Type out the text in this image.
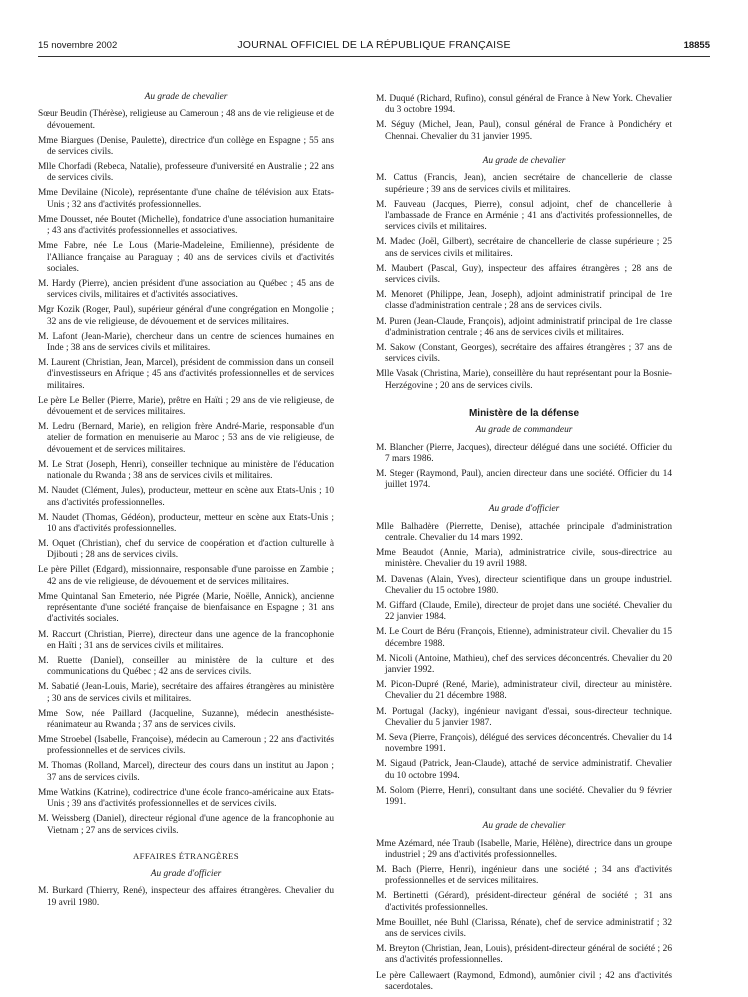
15 novembre 2002	JOURNAL OFFICIEL DE LA RÉPUBLIQUE FRANÇAISE	18855
Au grade de chevalier

Sœur Beudin (Thérèse), religieuse au Cameroun ; 48 ans de vie religieuse et de dévouement.

Mme Biargues (Denise, Paulette), directrice d'un collège en Espagne ; 55 ans de services civils.

Mlle Chorfadi (Rebeca, Natalie), professeure d'université en Australie ; 22 ans de services civils.

Mme Devilaine (Nicole), représentante d'une chaîne de télévision aux Etats-Unis ; 32 ans d'activités professionnelles.

Mme Dousset, née Boutet (Michelle), fondatrice d'une association humanitaire ; 43 ans d'activités professionnelles et associatives.

Mme Fabre, née Le Lous (Marie-Madeleine, Emilienne), présidente de l'Alliance française au Paraguay ; 40 ans de services civils et d'activités sociales.

M. Hardy (Pierre), ancien président d'une association au Québec ; 45 ans de services civils, militaires et d'activités associatives.

Mgr Kozik (Roger, Paul), supérieur général d'une congrégation en Mongolie ; 32 ans de vie religieuse, de dévouement et de services militaires.

M. Lafont (Jean-Marie), chercheur dans un centre de sciences humaines en Inde ; 38 ans de services civils et militaires.

M. Laurent (Christian, Jean, Marcel), président de commission dans un conseil d'investisseurs en Afrique ; 45 ans d'activités professionnelles et de services militaires.

Le père Le Beller (Pierre, Marie), prêtre en Haïti ; 29 ans de vie religieuse, de dévouement et de services militaires.

M. Ledru (Bernard, Marie), en religion frère André-Marie, responsable d'un atelier de formation en menuiserie au Maroc ; 53 ans de vie religieuse, de dévouement et de services militaires.

M. Le Strat (Joseph, Henri), conseiller technique au ministère de l'éducation nationale du Rwanda ; 38 ans de services civils et militaires.

M. Naudet (Clément, Jules), producteur, metteur en scène aux Etats-Unis ; 10 ans d'activités professionnelles.

M. Naudet (Thomas, Gédéon), producteur, metteur en scène aux Etats-Unis ; 10 ans d'activités professionnelles.

M. Oquet (Christian), chef du service de coopération et d'action culturelle à Djibouti ; 28 ans de services civils.

Le père Pillet (Edgard), missionnaire, responsable d'une paroisse en Zambie ; 42 ans de vie religieuse, de dévouement et de services militaires.

Mme Quintanal San Emeterio, née Pigrée (Marie, Noëlle, Annick), ancienne représentante d'une société française de bienfaisance en Espagne ; 31 ans d'activités sociales.

M. Raccurt (Christian, Pierre), directeur dans une agence de la francophonie en Haïti ; 31 ans de services civils et militaires.

M. Ruette (Daniel), conseiller au ministère de la culture et des communications du Québec ; 42 ans de services civils.

M. Sabatié (Jean-Louis, Marie), secrétaire des affaires étrangères au ministère ; 30 ans de services civils et militaires.

Mme Sow, née Paillard (Jacqueline, Suzanne), médecin anesthésiste-réanimateur au Rwanda ; 37 ans de services civils.

Mme Stroebel (Isabelle, Françoise), médecin au Cameroun ; 22 ans d'activités professionnelles et de services civils.

M. Thomas (Rolland, Marcel), directeur des cours dans un institut au Japon ; 37 ans de services civils.

Mme Watkins (Katrine), codirectrice d'une école franco-américaine aux Etats-Unis ; 39 ans d'activités professionnelles et de services civils.

M. Weissberg (Daniel), directeur régional d'une agence de la francophonie au Vietnam ; 27 ans de services civils.

AFFAIRES ÉTRANGÈRES
Au grade d'officier

M. Burkard (Thierry, René), inspecteur des affaires étrangères. Chevalier du 19 avril 1980.

M. Duqué (Richard, Rufino), consul général de France à New York. Chevalier du 3 octobre 1994.

M. Séguy (Michel, Jean, Paul), consul général de France à Pondichéry et Chennai. Chevalier du 31 janvier 1995.

Au grade de chevalier

M. Cattus (Francis, Jean), ancien secrétaire de chancellerie de classe supérieure ; 39 ans de services civils et militaires.

M. Fauveau (Jacques, Pierre), consul adjoint, chef de chancellerie à l'ambassade de France en Arménie ; 41 ans d'activités professionnelles, de services civils et militaires.

M. Madec (Joël, Gilbert), secrétaire de chancellerie de classe supérieure ; 25 ans de services civils et militaires.

M. Maubert (Pascal, Guy), inspecteur des affaires étrangères ; 28 ans de services civils.

M. Menoret (Philippe, Jean, Joseph), adjoint administratif principal de 1re classe d'administration centrale ; 28 ans de services civils.

M. Puren (Jean-Claude, François), adjoint administratif principal de 1re classe d'administration centrale ; 46 ans de services civils et militaires.

M. Sakow (Constant, Georges), secrétaire des affaires étrangères ; 37 ans de services civils.

Mlle Vasak (Christina, Marie), conseillère du haut représentant pour la Bosnie-Herzégovine ; 20 ans de services civils.

Ministère de la défense
Au grade de commandeur

M. Blancher (Pierre, Jacques), directeur délégué dans une société. Officier du 7 mars 1986.

M. Steger (Raymond, Paul), ancien directeur dans une société. Officier du 14 juillet 1974.

Au grade d'officier

Mlle Balhadère (Pierrette, Denise), attachée principale d'administration centrale. Chevalier du 14 mars 1992.

Mme Beaudot (Annie, Maria), administratrice civile, sous-directrice au ministère. Chevalier du 19 avril 1988.

M. Davenas (Alain, Yves), directeur scientifique dans un groupe industriel. Chevalier du 15 octobre 1980.

M. Giffard (Claude, Emile), directeur de projet dans une société. Chevalier du 22 janvier 1984.

M. Le Court de Béru (François, Etienne), administrateur civil. Chevalier du 15 décembre 1988.

M. Nicoli (Antoine, Mathieu), chef des services déconcentrés. Chevalier du 20 janvier 1992.

M. Picon-Dupré (René, Marie), administrateur civil, directeur au ministère. Chevalier du 21 décembre 1988.

M. Portugal (Jacky), ingénieur navigant d'essai, sous-directeur technique. Chevalier du 5 janvier 1987.

M. Seva (Pierre, François), délégué des services déconcentrés. Chevalier du 14 novembre 1991.

M. Sigaud (Patrick, Jean-Claude), attaché de service administratif. Chevalier du 10 octobre 1994.

M. Solom (Pierre, Henri), consultant dans une société. Chevalier du 9 février 1991.

Au grade de chevalier

Mme Azémard, née Traub (Isabelle, Marie, Hélène), directrice dans un groupe industriel ; 29 ans d'activités professionnelles.

M. Bach (Pierre, Henri), ingénieur dans une société ; 34 ans d'activités professionnelles et de services militaires.

M. Bertinetti (Gérard), président-directeur général de société ; 31 ans d'activités professionnelles.

Mme Bouillet, née Buhl (Clarissa, Rénate), chef de service administratif ; 32 ans de services civils.

M. Breyton (Christian, Jean, Louis), président-directeur général de société ; 26 ans d'activités professionnelles.

Le père Callewaert (Raymond, Edmond), aumônier civil ; 42 ans d'activités sacerdotales.
